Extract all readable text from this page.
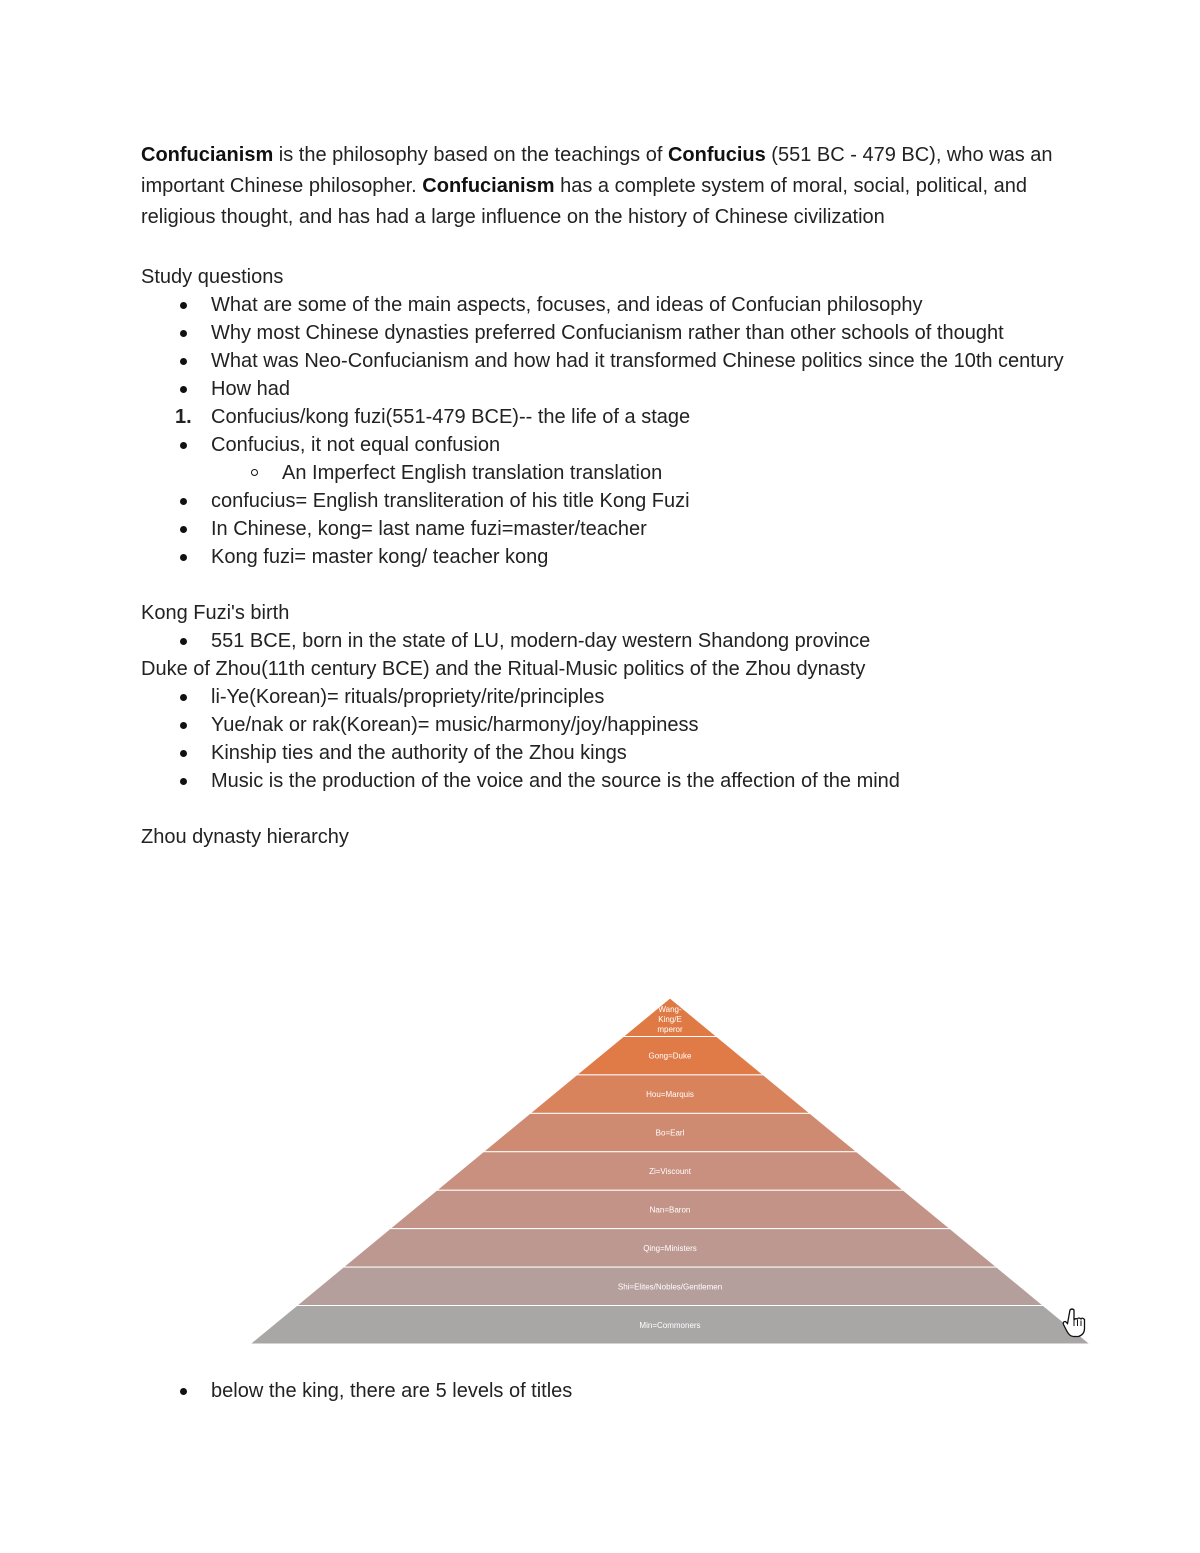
Confucianism is the philosophy based on the teachings of Confucius (551 BC - 479 BC), who was an important Chinese philosopher. Confucianism has a complete system of moral, social, political, and religious thought, and has had a large influence on the history of Chinese civilization

Study questions

What are some of the main aspects, focuses, and ideas of Confucian philosophy
Why most Chinese dynasties preferred Confucianism rather than other schools of thought
What was Neo-Confucianism and how had it transformed Chinese politics since the 10th century
How had
1. Confucius/kong fuzi(551-479 BCE)-- the life of a stage
Confucius, it not equal confusion
An Imperfect English translation translation
confucius= English transliteration of his title Kong Fuzi
In Chinese, kong= last name fuzi=master/teacher
Kong fuzi= master kong/ teacher kong

Kong Fuzi's birth

551 BCE, born in the state of LU, modern-day western Shandong province

Duke of Zhou(11th century BCE) and the Ritual-Music politics of the Zhou dynasty

li-Ye(Korean)= rituals/propriety/rite/principles
Yue/nak or rak(Korean)= music/harmony/joy/happiness
Kinship ties and the authority of the Zhou kings
Music is the production of the voice and the source is the affection of the mind

Zhou dynasty hierarchy

Wang-King/E mperor
Gong=Duke
Hou=Marquis
Bo=Earl
Zi=Viscount
Nan=Baron
Qing=Ministers
Shi=Elites/Nobles/Gentlemen
Min=Commoners
below the king, there are 5 levels of titles
